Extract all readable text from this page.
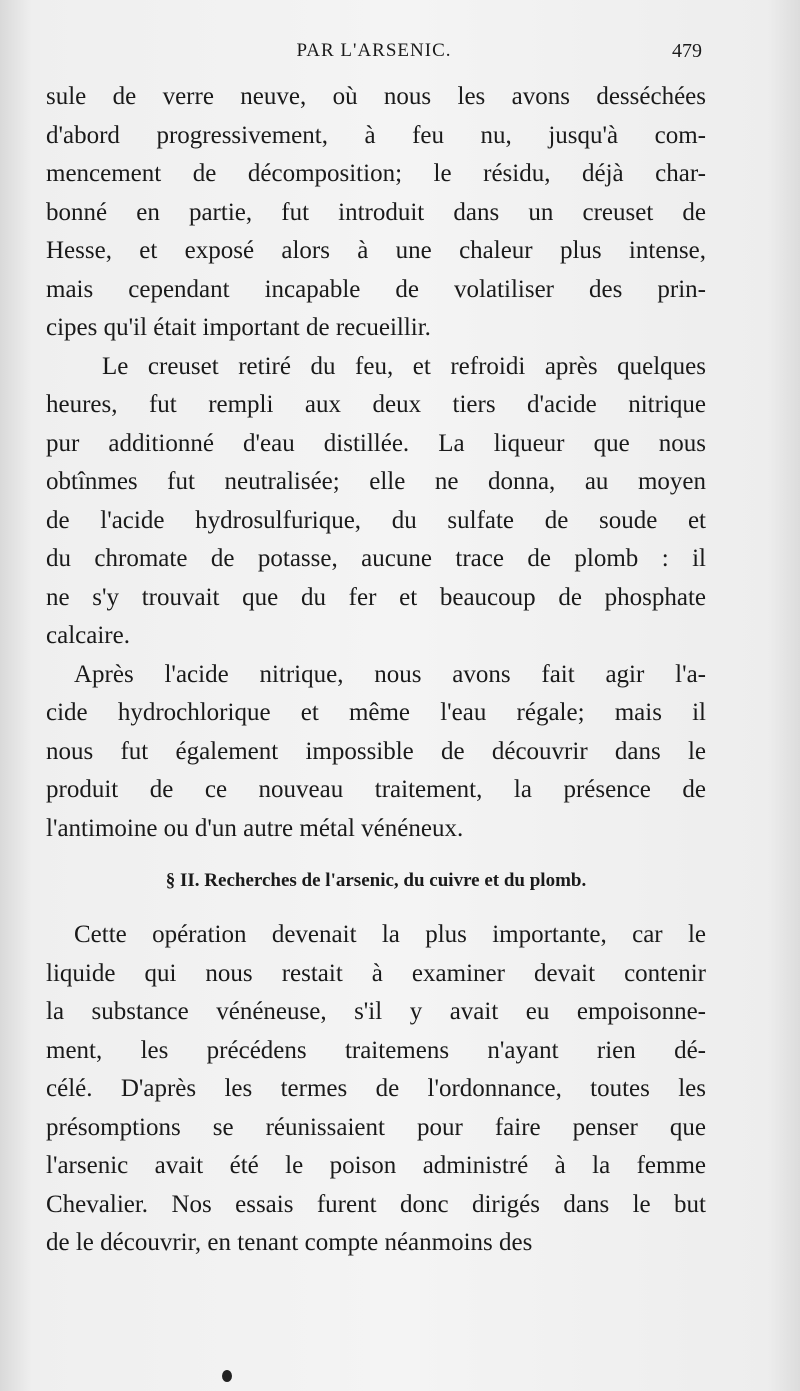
PAR L'ARSENIC.	479

sule de verre neuve, où nous les avons desséchées
d'abord progressivement, à feu nu, jusqu'à com-
mencement de décomposition; le résidu, déjà char-
bonné en partie, fut introduit dans un creuset de
Hesse, et exposé alors à une chaleur plus intense,
mais cependant incapable de volatiliser des prin-
cipes qu'il était important de recueillir.

Le creuset retiré du feu, et refroidi après quelques
heures, fut rempli aux deux tiers d'acide nitrique
pur additionné d'eau distillée. La liqueur que nous
obtînmes fut neutralisée; elle ne donna, au moyen
de l'acide hydrosulfurique, du sulfate de soude et
du chromate de potasse, aucune trace de plomb : il
ne s'y trouvait que du fer et beaucoup de phosphate
calcaire.

Après l'acide nitrique, nous avons fait agir l'a-
cide hydrochlorique et même l'eau régale; mais il
nous fut également impossible de découvrir dans le
produit de ce nouveau traitement, la présence de
l'antimoine ou d'un autre métal vénéneux.

§ II. Recherches de l'arsenic, du cuivre et du plomb.

Cette opération devenait la plus importante, car le
liquide qui nous restait à examiner devait contenir
la substance vénéneuse, s'il y avait eu empoisonne-
ment, les précédens traitemens n'ayant rien dé-
célé. D'après les termes de l'ordonnance, toutes les
présomptions se réunissaient pour faire penser que
l'arsenic avait été le poison administré à la femme
Chevalier. Nos essais furent donc dirigés dans le but
de le découvrir, en tenant compte néanmoins des
